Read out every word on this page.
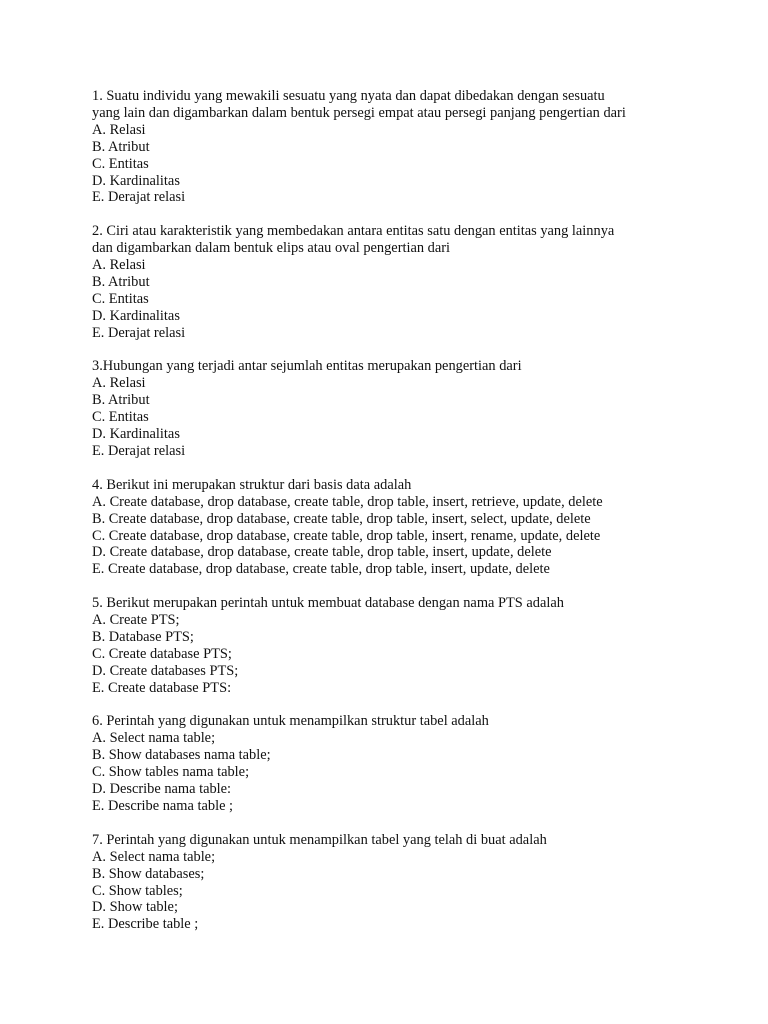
1. Suatu individu yang mewakili sesuatu yang nyata dan dapat dibedakan dengan sesuatu
yang lain dan digambarkan dalam bentuk persegi empat atau persegi panjang pengertian dari
A. Relasi
B. Atribut
C. Entitas
D. Kardinalitas
E. Derajat relasi
2. Ciri atau karakteristik yang membedakan antara entitas satu dengan entitas yang lainnya
dan digambarkan dalam bentuk elips atau oval pengertian dari
A. Relasi
B. Atribut
C. Entitas
D. Kardinalitas
E. Derajat relasi
3.Hubungan yang terjadi antar sejumlah entitas merupakan pengertian dari
A. Relasi
B. Atribut
C. Entitas
D. Kardinalitas
E. Derajat relasi
4. Berikut ini merupakan struktur dari basis data adalah
A. Create database, drop database, create table, drop table, insert, retrieve, update, delete
B. Create database, drop database, create table, drop table, insert, select, update, delete
C. Create database, drop database, create table, drop table, insert, rename, update, delete
D. Create database, drop database, create table, drop table, insert, update, delete
E. Create database, drop database, create table, drop table, insert, update, delete
5. Berikut merupakan perintah untuk membuat database dengan nama PTS adalah
A. Create PTS;
B. Database PTS;
C. Create database PTS;
D. Create databases PTS;
E. Create database PTS:
6. Perintah yang digunakan untuk menampilkan struktur tabel adalah
A. Select nama table;
B. Show databases nama table;
C. Show tables nama table;
D. Describe nama table:
E. Describe nama table ;
7. Perintah yang digunakan untuk menampilkan tabel yang telah di buat adalah
A. Select nama table;
B. Show databases;
C. Show tables;
D. Show table;
E. Describe table ;
